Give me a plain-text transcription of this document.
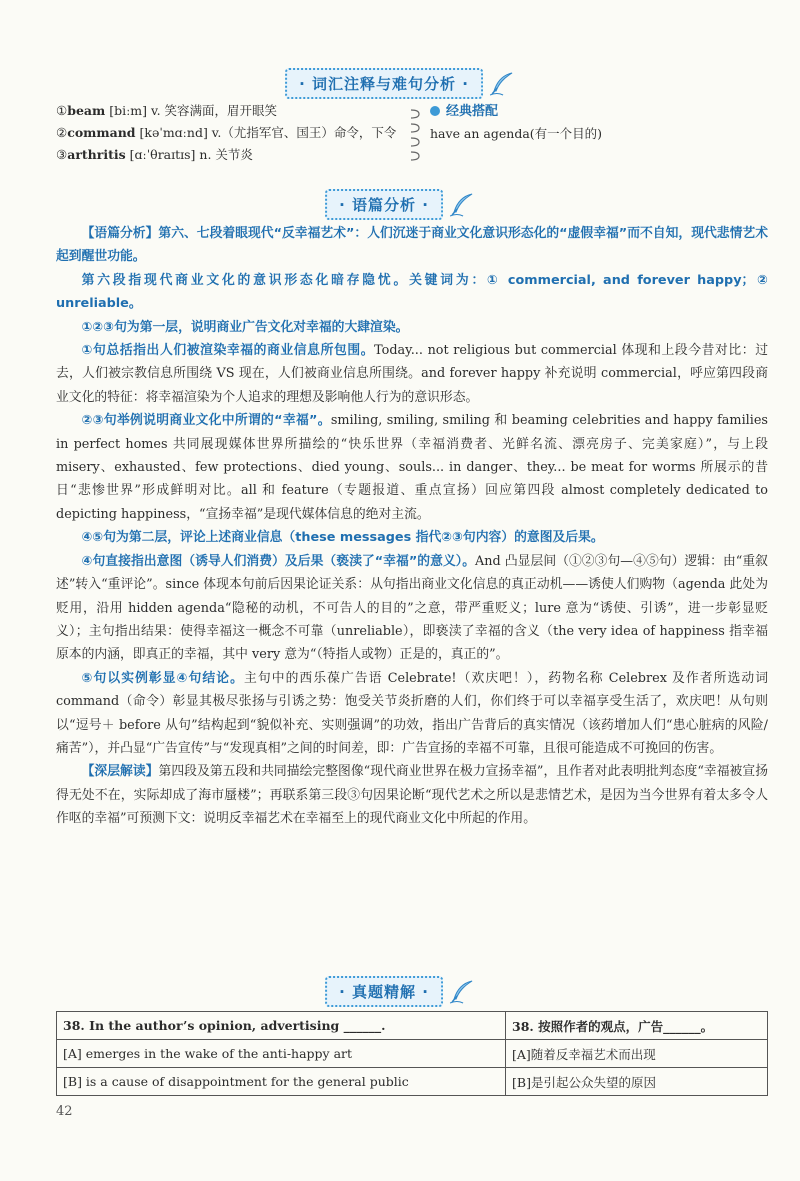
· 词汇注释与难句分析 ·
①beam [biːm] v. 笑容满面，眉开眼笑
②command [kəˈmɑːnd] v.（尤指军官、国王）命令，下令
③arthritis [ɑːˈθraɪtɪs] n. 关节炎
经典搭配
have an agenda(有一个目的)
· 语篇分析 ·

【语篇分析】第六、七段着眼现代“反幸福艺术”：人们沉迷于商业文化意识形态化的“虚假幸福”而不自知，现代悲情艺术起到醒世功能。

第六段指现代商业文化的意识形态化暗存隐忧。关键词为：① commercial, and forever happy；② unreliable。

①②③句为第一层，说明商业广告文化对幸福的大肆渲染。

①句总括指出人们被渲染幸福的商业信息所包围。Today... not religious but commercial 体现和上段今昔对比：过去，人们被宗教信息所围绕 VS 现在，人们被商业信息所围绕。and forever happy 补充说明 commercial，呼应第四段商业文化的特征：将幸福渲染为个人追求的理想及影响他人行为的意识形态。

②③句举例说明商业文化中所谓的“幸福”。smiling, smiling, smiling 和 beaming celebrities and happy families in perfect homes 共同展现媒体世界所描绘的“快乐世界（幸福消费者、光鲜名流、漂亮房子、完美家庭）”，与上段 misery、exhausted、few protections、died young、souls... in danger、they... be meat for worms 所展示的昔日“悲惨世界”形成鲜明对比。all 和 feature（专题报道、重点宣扬）回应第四段 almost completely dedicated to depicting happiness，“宣扬幸福”是现代媒体信息的绝对主流。

④⑤句为第二层，评论上述商业信息（these messages 指代②③句内容）的意图及后果。

④句直接指出意图（诱导人们消费）及后果（亵渎了“幸福”的意义）。And 凸显层间（①②③句—④⑤句）逻辑：由“重叙述”转入“重评论”。since 体现本句前后因果论证关系：从句指出商业文化信息的真正动机——诱使人们购物（agenda 此处为贬用，沿用 hidden agenda“隐秘的动机，不可告人的目的”之意，带严重贬义；lure 意为“诱使、引诱”，进一步彰显贬义）；主句指出结果：使得幸福这一概念不可靠（unreliable），即亵渎了幸福的含义（the very idea of happiness 指幸福原本的内涵，即真正的幸福，其中 very 意为“（特指人或物）正是的，真正的”。

⑤句以实例彰显④句结论。主句中的西乐葆广告语 Celebrate!（欢庆吧！），药物名称 Celebrex 及作者所选动词 command（命令）彰显其极尽张扬与引诱之势：饱受关节炎折磨的人们，你们终于可以幸福享受生活了，欢庆吧！从句则以“逗号＋ before 从句”结构起到“貌似补充、实则强调”的功效，指出广告背后的真实情况（该药增加人们“患心脏病的风险/痛苦”），并凸显“广告宣传”与“发现真相”之间的时间差，即：广告宣扬的幸福不可靠，且很可能造成不可挽回的伤害。

【深层解读】第四段及第五段和共同描绘完整图像“现代商业世界在极力宣扬幸福”，且作者对此表明批判态度“幸福被宣扬得无处不在，实际却成了海市蜃楼”；再联系第三段③句因果论断“现代艺术之所以是悲情艺术，是因为当今世界有着太多令人作呕的幸福”可预测下文：说明反幸福艺术在幸福至上的现代商业文化中所起的作用。

· 真题精解 ·
38. In the author’s opinion, advertising ______.	38. 按照作者的观点，广告______。
[A] emerges in the wake of the anti-happy art	[A]随着反幸福艺术而出现
[B] is a cause of disappointment for the general public	[B]是引起公众失望的原因
42
